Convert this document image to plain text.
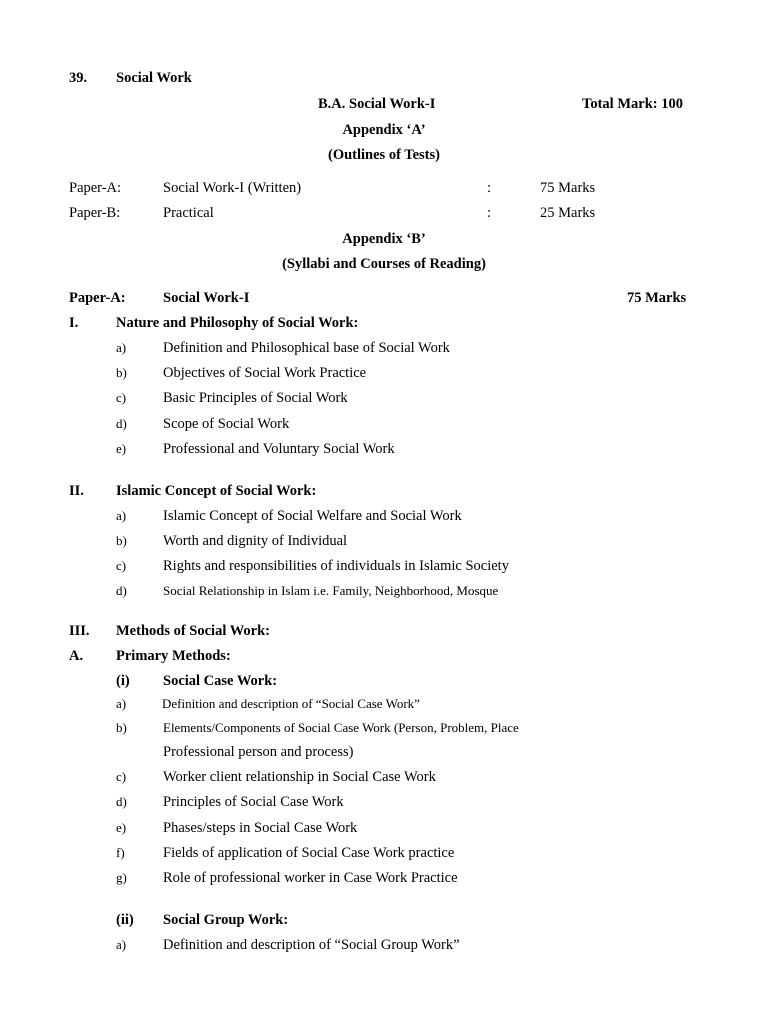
39. Social Work
B.A. Social Work-I	Total Mark: 100
Appendix ‘A’
(Outlines of Tests)
Paper-A:	Social Work-I (Written)	:	75 Marks
Paper-B:	Practical	:	25 Marks
Appendix ‘B’
(Syllabi and Courses of Reading)
Paper-A:	Social Work-I	75 Marks
I.	Nature and Philosophy of Social Work:
a)	Definition and Philosophical base of Social Work
b) Objectives of Social Work Practice
c)	Basic Principles of Social Work
d) Scope of Social Work
e)	Professional and Voluntary Social Work
II. Islamic Concept of Social Work:
a)	Islamic Concept of Social Welfare and Social Work
b) Worth and dignity of Individual
c)	Rights and responsibilities of individuals in Islamic Society
d)	Social Relationship in Islam i.e. Family, Neighborhood, Mosque
III. Methods of Social Work:
A. Primary Methods:
(i) Social Case Work:
a)	Definition and description of “Social Case Work”
b)	Elements/Components of Social Case Work (Person, Problem, Place
Professional person and process)
c)	Worker client relationship in Social Case Work
d) Principles of Social Case Work
e)	Phases/steps in Social Case Work
f)	Fields of application of Social Case Work practice
g) Role of professional worker in Case Work Practice
(ii) Social Group Work:
a)	Definition and description of “Social Group Work”
